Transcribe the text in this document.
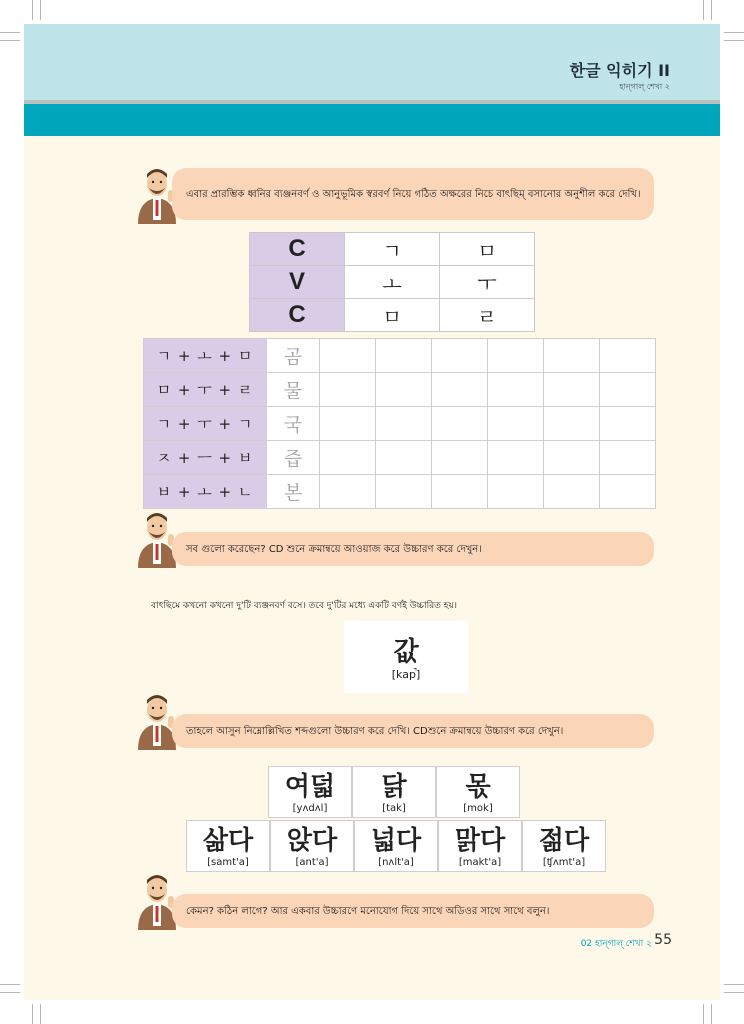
한글 익히기 II
হান্গাল্ শেখা ২
এবার প্রারম্ভিক ধ্বনির ব্যঞ্জনবর্ণ ও আনুভূমিক স্বরবর্ণ নিয়ে গঠিত অক্ষরের নিচে বাৎছিম্ বসানোর অনুশীল করে দেখি।
সব গুলো করেছেন? CD শুনে ক্রমান্বয়ে আওয়াজ করে উচ্চারণ করে দেখুন।
তাহলে আসুন নিম্নোল্লিখিত শব্দগুলো উচ্চারণ করে দেখি। CDশুনে ক্রমান্বয়ে উচ্চারণ করে দেখুন।
কেমন? কঠিন লাগে? আর একবার উচ্চারণে মনোযোগ দিয়ে সাথে অডিওর সাথে সাথে বলুন।
C	ㄱ	ㅁ
V	ㅗ	ㅜ
C	ㅁ	ㄹ
ㄱ + ㅗ + ㅁ	곰						
ㅁ + ㅜ + ㄹ	물						
ㄱ + ㅜ + ㄱ	국						
ㅈ + ㅡ + ㅂ	즙						
ㅂ + ㅗ + ㄴ	본						
বাৎছিমে কখনো কখনো দু'টি ব্যঞ্জনবর্ণ বসে। তবে দু'টির মধ্যে একটি বর্ণই উচ্চারিত হয়।
값
[kap̚]
여덟
[yʌdʌl]
닭
[tak]
몫
[mok]
삶다
[samt'a]
앉다
[ant'a]
넓다
[nʌlt'a]
맑다
[makt'a]
젊다
[ʧʌmt'a]
02 হান্গাল্ শেখা ২ 55
